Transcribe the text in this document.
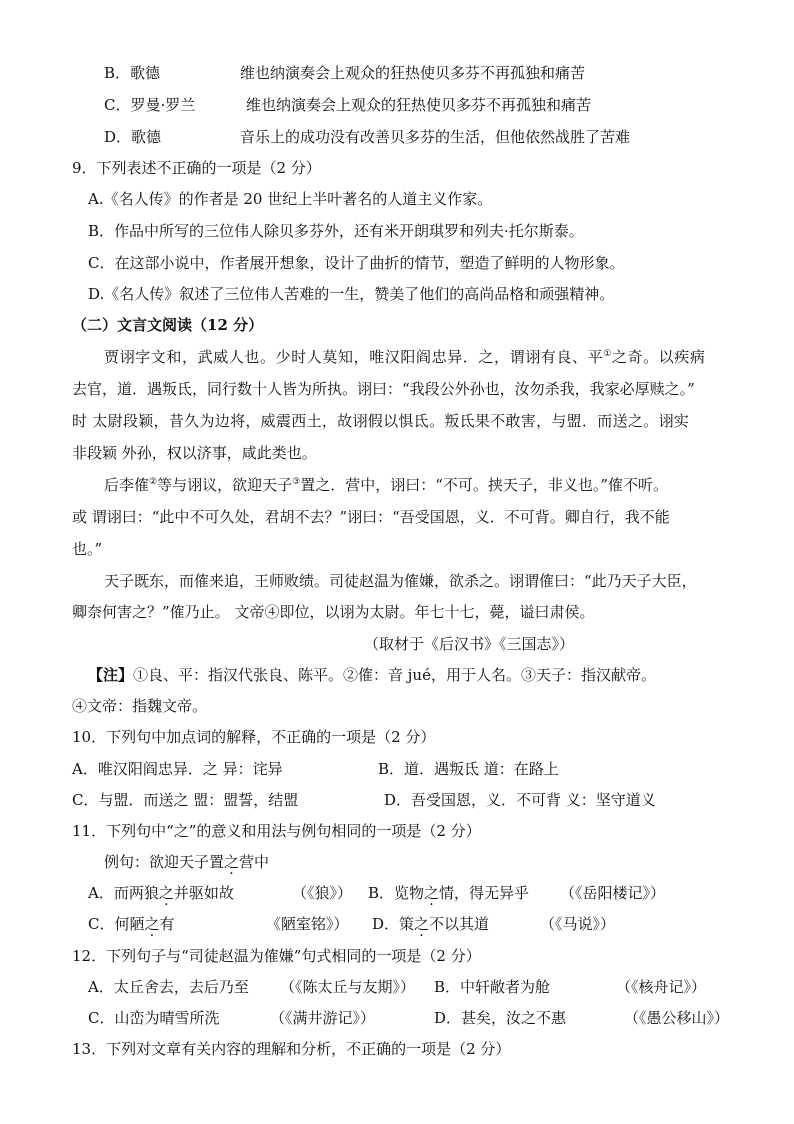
B．歌德	维也纳演奏会上观众的狂热使贝多芬不再孤独和痛苦
C．罗曼·罗兰	维也纳演奏会上观众的狂热使贝多芬不再孤独和痛苦
D．歌德	音乐上的成功没有改善贝多芬的生活，但他依然战胜了苦难
9．下列表述不正确的一项是（2 分）
A.《名人传》的作者是 20 世纪上半叶著名的人道主义作家。
B．作品中所写的三位伟人除贝多芬外，还有米开朗琪罗和列夫·托尔斯泰。
C．在这部小说中，作者展开想象，设计了曲折的情节，塑造了鲜明的人物形象。
D.《名人传》叙述了三位伟人苦难的一生，赞美了他们的高尚品格和顽强精神。
（二）文言文阅读（12 分）
贾诩字文和，武威人也。少时人莫知，唯汉阳阎忠异．之，谓诩有良、平①之奇。以疾病
去官，道．遇叛氐，同行数十人皆为所执。诩曰：“我段公外孙也，汝勿杀我，我家必厚赎之。”
时 太尉段颖，昔久为边将，威震西土，故诩假以惧氐。叛氐果不敢害，与盟．而送之。诩实
非段颖 外孙，权以济事，咸此类也。
后李傕②等与诩议，欲迎天子③置之．营中，诩曰：“不可。挟天子，非义也。”傕不听。
或 谓诩曰：“此中不可久处，君胡不去？”诩曰：“吾受国恩，义．不可背。卿自行，我不能
也。”
天子既东，而傕来追，王师败绩。司徒赵温为傕嫌，欲杀之。诩谓傕曰：“此乃天子大臣，
卿奈何害之？”傕乃止。 文帝④即位，以诩为太尉。年七十七，薨，谥曰肃侯。
（取材于《后汉书》《三国志》）
【注】①良、平：指汉代张良、陈平。②傕：音 jué，用于人名。③天子：指汉献帝。
④文帝：指魏文帝。
10．下列句中加点词的解释，不正确的一项是（2 分）
A．唯汉阳阎忠异．之 异：诧异	B．道．遇叛氐 道：在路上
C．与盟．而送之 盟：盟誓，结盟	D．吾受国恩，义．不可背 义：坚守道义
11．下列句中“之”的意义和用法与例句相同的一项是（2 分）
例句：欲迎天子置之营中
A．而两狼之并驱如故	（《狼》） B．览物之情，得无异乎 （《岳阳楼记》）
C．何陋之有	《陋室铭》） D．策之不以其道	（《马说》）
12．下列句子与“司徒赵温为傕嫌”句式相同的一项是（2 分）
A．太丘舍去，去后乃至 （《陈太丘与友期》） B．中轩敞者为舱	（《核舟记》）
C．山峦为晴雪所洗	（《满井游记》）	D．甚矣，汝之不惠	（《愚公移山》）
13．下列对文章有关内容的理解和分析，不正确的一项是（2 分）
